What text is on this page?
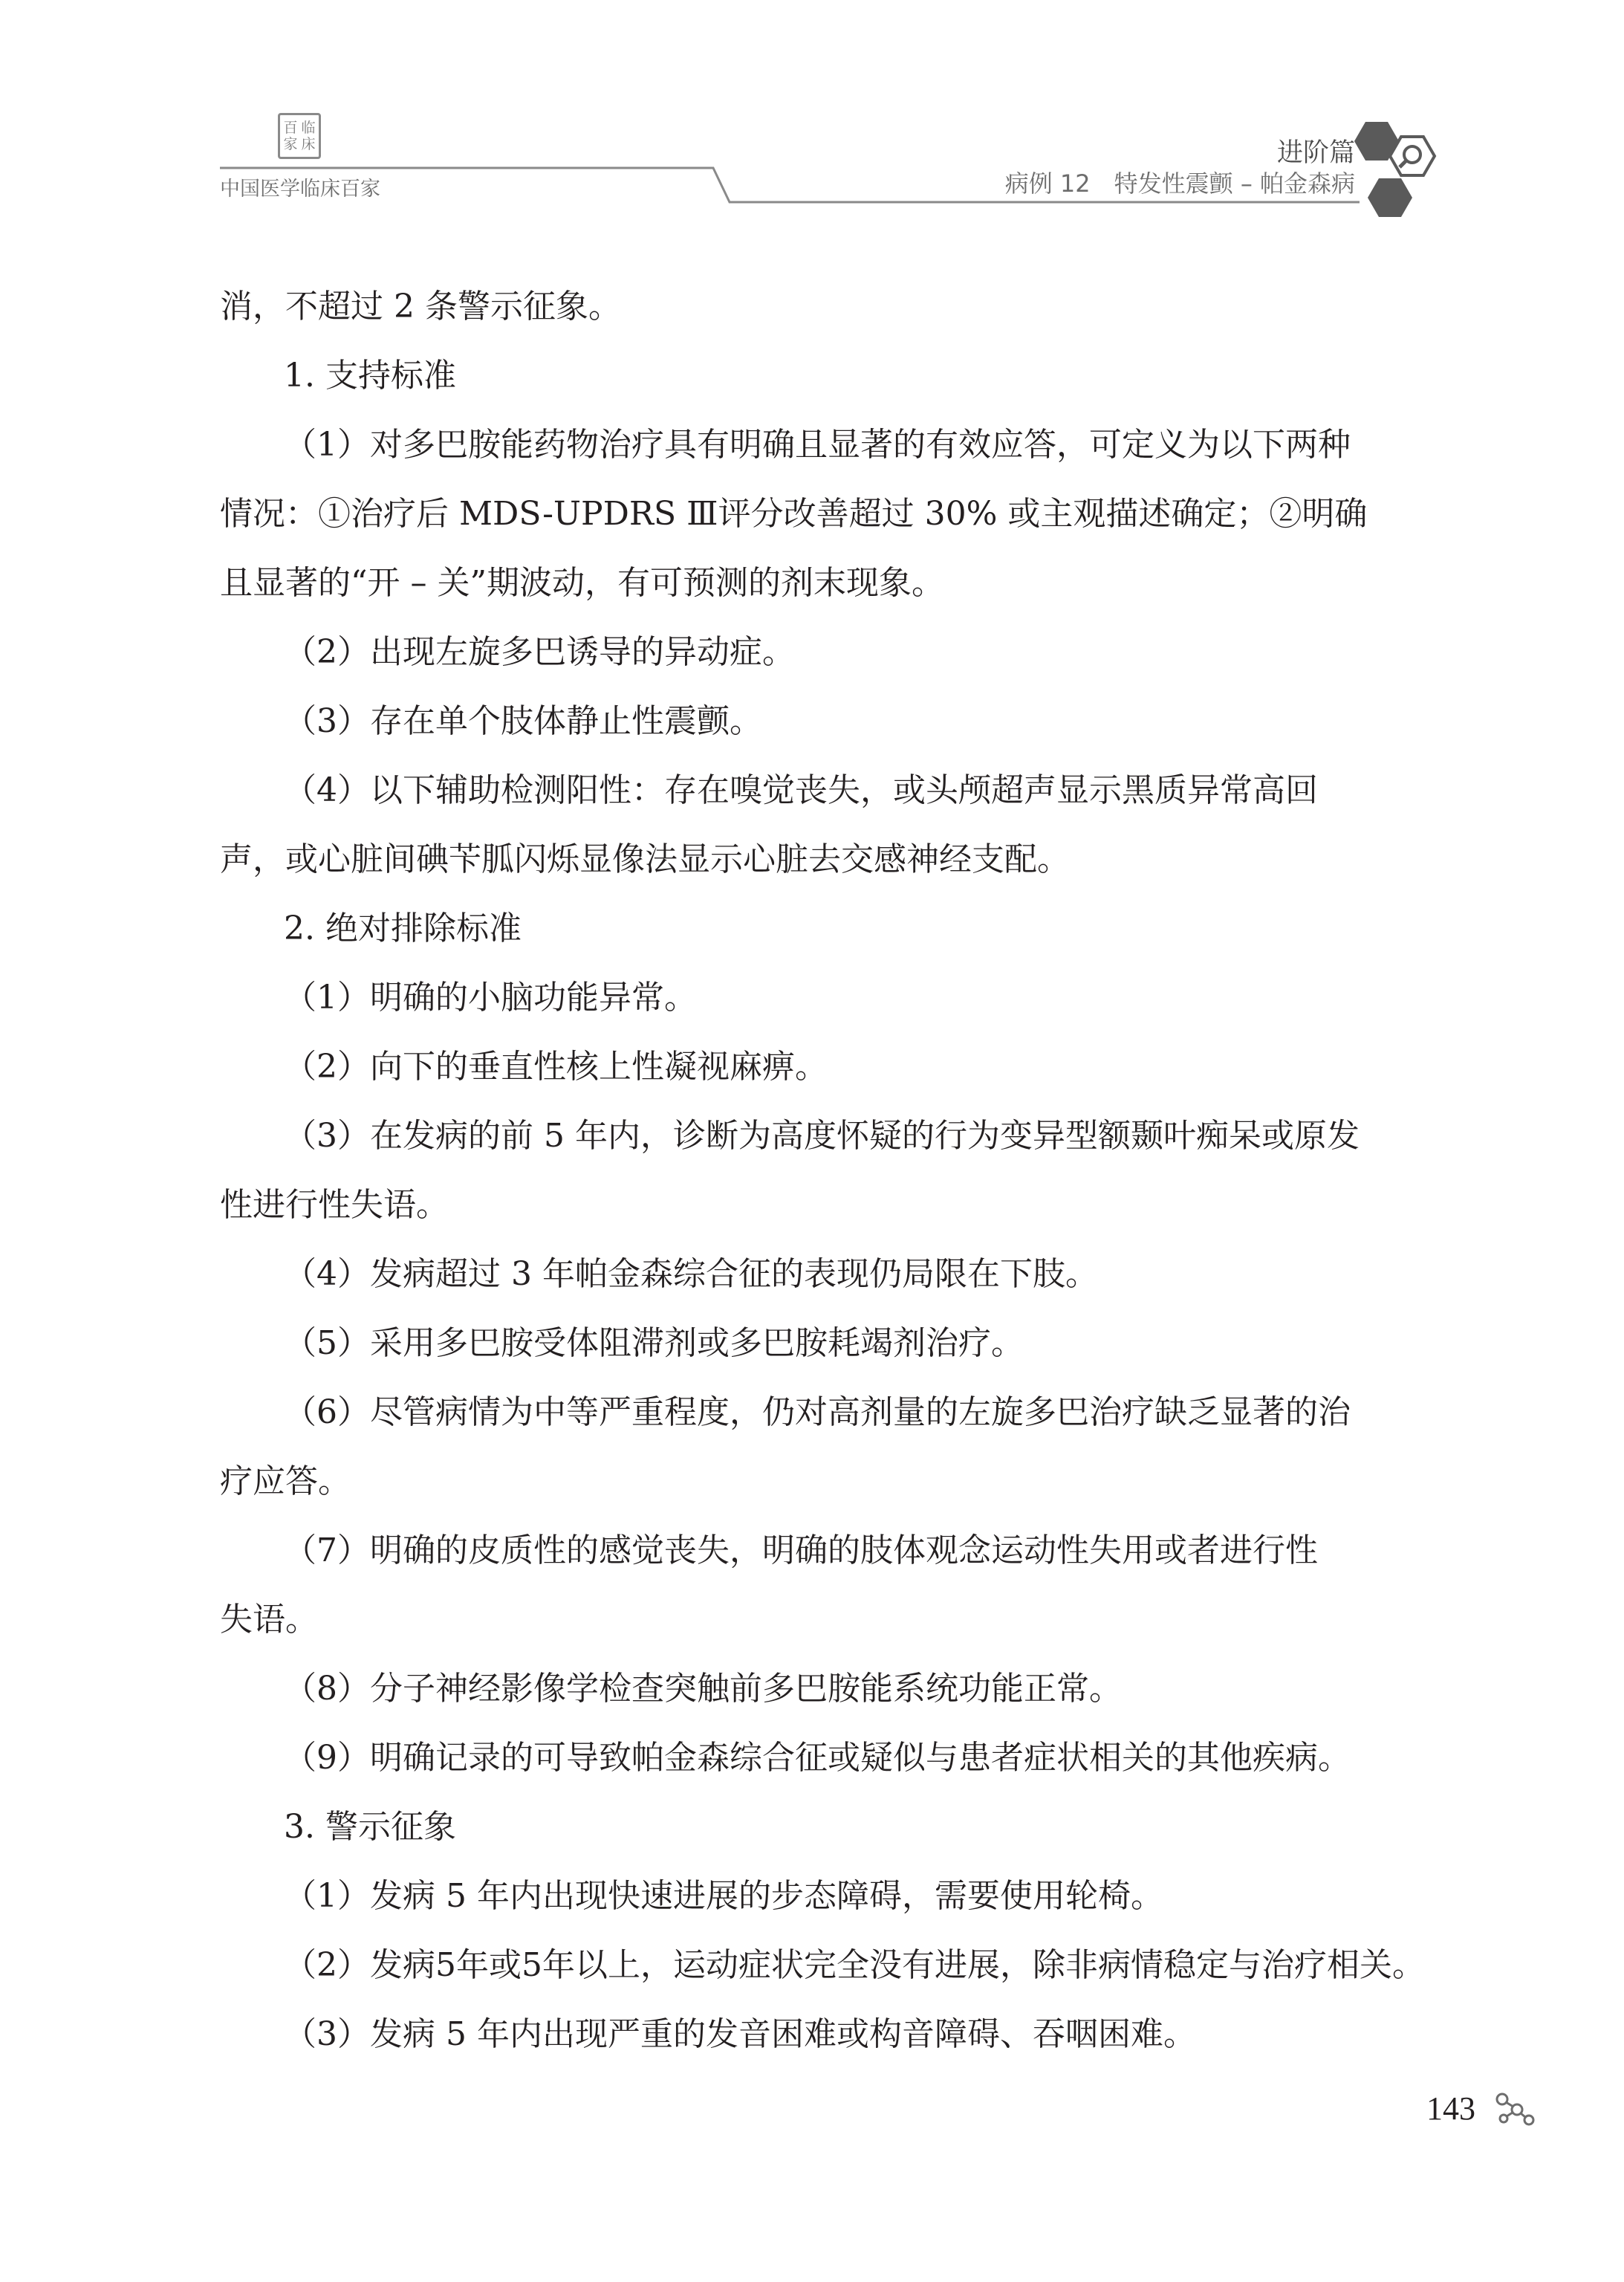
百 临
家 床
中国医学临床百家
进阶篇
病例 12　特发性震颤 – 帕金森病

消，不超过 2 条警示征象。

1. 支持标准

（1）对多巴胺能药物治疗具有明确且显著的有效应答，可定义为以下两种

情况：①治疗后 MDS-UPDRS Ⅲ评分改善超过 30% 或主观描述确定；②明确

且显著的“开 – 关”期波动，有可预测的剂末现象。

（2）出现左旋多巴诱导的异动症。

（3）存在单个肢体静止性震颤。

（4）以下辅助检测阳性：存在嗅觉丧失，或头颅超声显示黑质异常高回

声，或心脏间碘苄胍闪烁显像法显示心脏去交感神经支配。

2. 绝对排除标准

（1）明确的小脑功能异常。

（2）向下的垂直性核上性凝视麻痹。

（3）在发病的前 5 年内，诊断为高度怀疑的行为变异型额颞叶痴呆或原发

性进行性失语。

（4）发病超过 3 年帕金森综合征的表现仍局限在下肢。

（5）采用多巴胺受体阻滞剂或多巴胺耗竭剂治疗。

（6）尽管病情为中等严重程度，仍对高剂量的左旋多巴治疗缺乏显著的治

疗应答。

（7）明确的皮质性的感觉丧失，明确的肢体观念运动性失用或者进行性

失语。

（8）分子神经影像学检查突触前多巴胺能系统功能正常。

（9）明确记录的可导致帕金森综合征或疑似与患者症状相关的其他疾病。

3. 警示征象

（1）发病 5 年内出现快速进展的步态障碍，需要使用轮椅。

（2）发病5年或5年以上，运动症状完全没有进展，除非病情稳定与治疗相关。

（3）发病 5 年内出现严重的发音困难或构音障碍、吞咽困难。

143
